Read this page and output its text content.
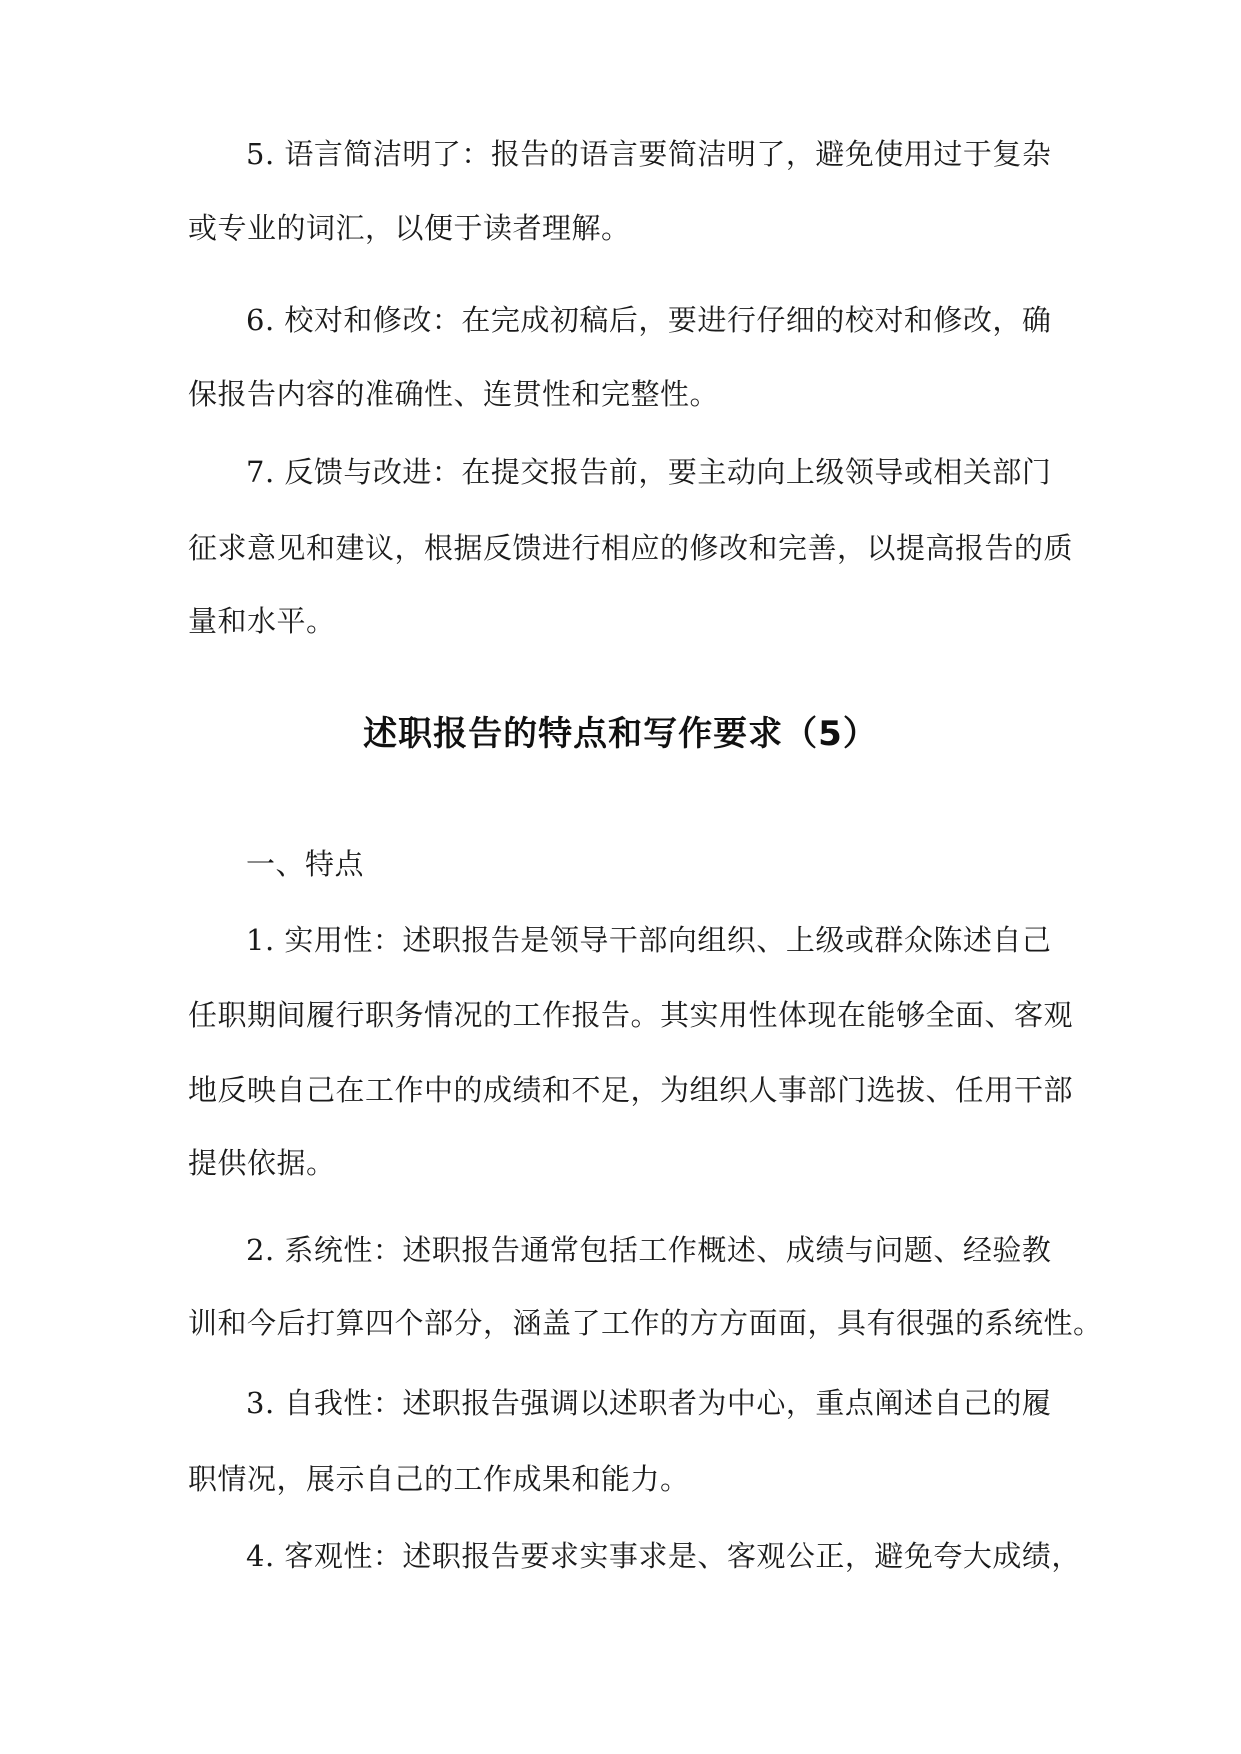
5. 语言简洁明了：报告的语言要简洁明了，避免使用过于复杂
或专业的词汇，以便于读者理解。
6. 校对和修改：在完成初稿后，要进行仔细的校对和修改，确
保报告内容的准确性、连贯性和完整性。
7. 反馈与改进：在提交报告前，要主动向上级领导或相关部门
征求意见和建议，根据反馈进行相应的修改和完善，以提高报告的质
量和水平。
述职报告的特点和写作要求（5）
一、特点
1. 实用性：述职报告是领导干部向组织、上级或群众陈述自己
任职期间履行职务情况的工作报告。其实用性体现在能够全面、客观
地反映自己在工作中的成绩和不足，为组织人事部门选拔、任用干部
提供依据。
2. 系统性：述职报告通常包括工作概述、成绩与问题、经验教
训和今后打算四个部分，涵盖了工作的方方面面，具有很强的系统性。
3. 自我性：述职报告强调以述职者为中心，重点阐述自己的履
职情况，展示自己的工作成果和能力。
4. 客观性：述职报告要求实事求是、客观公正，避免夸大成绩，
